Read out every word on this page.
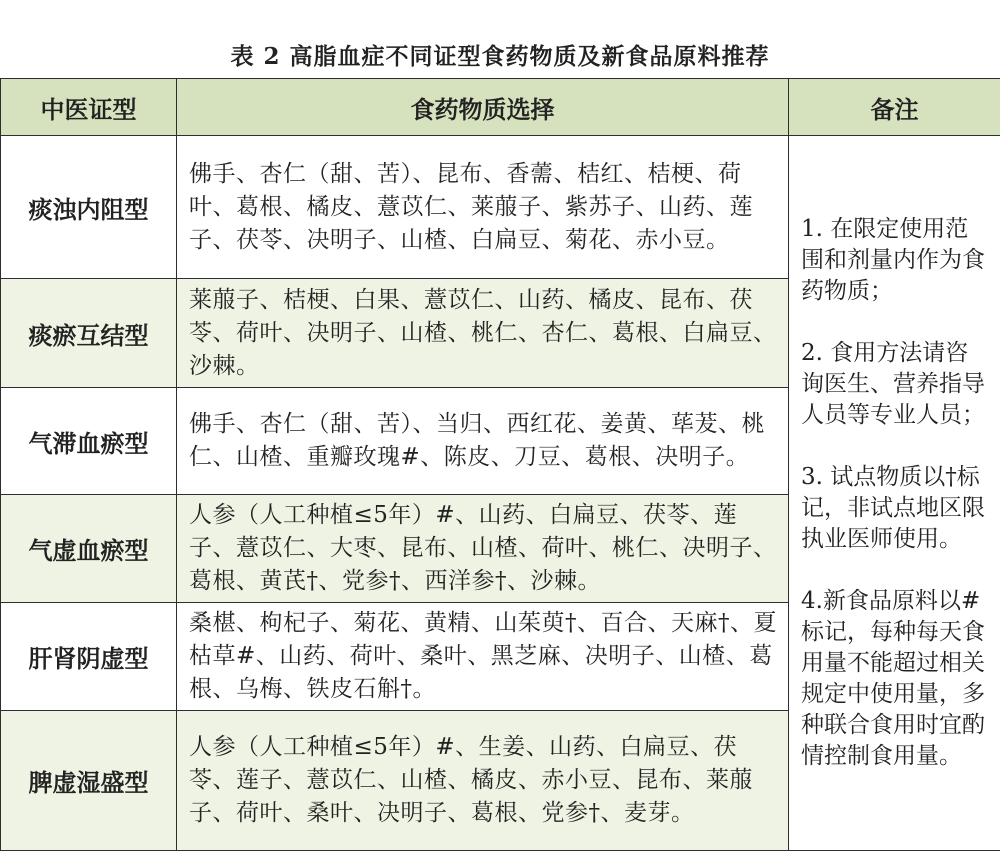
表 2 高脂血症不同证型食药物质及新食品原料推荐
中医证型	食药物质选择	备注
痰浊内阻型	佛手、杏仁（甜、苦）、昆布、香薷、桔红、桔梗、荷叶、葛根、橘皮、薏苡仁、莱菔子、紫苏子、山药、莲子、茯苓、决明子、山楂、白扁豆、菊花、赤小豆。	1. 在限定使用范围和剂量内作为食药物质；
2. 食用方法请咨询医生、营养指导人员等专业人员；
3. 试点物质以†标记，非试点地区限执业医师使用。
4.新食品原料以#标记，每种每天食用量不能超过相关规定中使用量，多种联合食用时宜酌情控制食用量。

痰瘀互结型	莱菔子、桔梗、白果、薏苡仁、山药、橘皮、昆布、茯苓、荷叶、决明子、山楂、桃仁、杏仁、葛根、白扁豆、沙棘。	
气滞血瘀型	佛手、杏仁（甜、苦）、当归、西红花、姜黄、荜茇、桃仁、山楂、重瓣玫瑰#、陈皮、刀豆、葛根、决明子。	
气虚血瘀型	人参（人工种植≤5年）#、山药、白扁豆、茯苓、莲子、薏苡仁、大枣、昆布、山楂、荷叶、桃仁、决明子、葛根、黄芪†、党参†、西洋参†、沙棘。	
肝肾阴虚型	桑椹、枸杞子、菊花、黄精、山茱萸†、百合、天麻†、夏枯草#、山药、荷叶、桑叶、黑芝麻、决明子、山楂、葛根、乌梅、铁皮石斛†。	
脾虚湿盛型	人参（人工种植≤5年）#、生姜、山药、白扁豆、茯苓、莲子、薏苡仁、山楂、橘皮、赤小豆、昆布、莱菔子、荷叶、桑叶、决明子、葛根、党参†、麦芽。	
